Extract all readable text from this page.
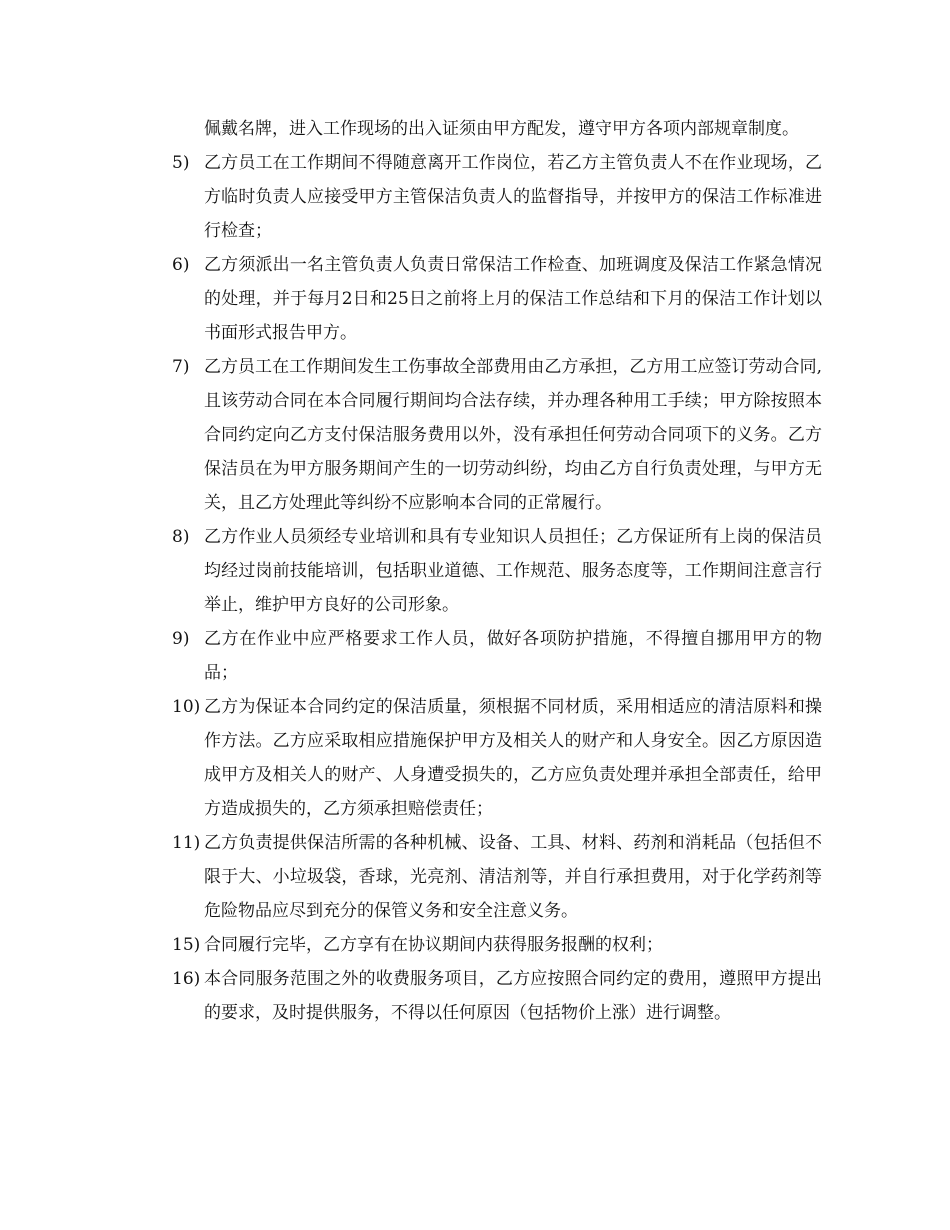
佩戴名牌，进入工作现场的出入证须由甲方配发，遵守甲方各项内部规章制度。
5) 乙方员工在工作期间不得随意离开工作岗位，若乙方主管负责人不在作业现场，乙方临时负责人应接受甲方主管保洁负责人的监督指导，并按甲方的保洁工作标准进行检查；
6) 乙方须派出一名主管负责人负责日常保洁工作检查、加班调度及保洁工作紧急情况的处理，并于每月2日和25日之前将上月的保洁工作总结和下月的保洁工作计划以书面形式报告甲方。
7) 乙方员工在工作期间发生工伤事故全部费用由乙方承担，乙方用工应签订劳动合同,且该劳动合同在本合同履行期间均合法存续，并办理各种用工手续；甲方除按照本合同约定向乙方支付保洁服务费用以外，没有承担任何劳动合同项下的义务。乙方保洁员在为甲方服务期间产生的一切劳动纠纷，均由乙方自行负责处理，与甲方无关，且乙方处理此等纠纷不应影响本合同的正常履行。
8) 乙方作业人员须经专业培训和具有专业知识人员担任；乙方保证所有上岗的保洁员均经过岗前技能培训，包括职业道德、工作规范、服务态度等，工作期间注意言行举止，维护甲方良好的公司形象。
9) 乙方在作业中应严格要求工作人员，做好各项防护措施，不得擅自挪用甲方的物品；
10) 乙方为保证本合同约定的保洁质量，须根据不同材质，采用相适应的清洁原料和操作方法。乙方应采取相应措施保护甲方及相关人的财产和人身安全。因乙方原因造成甲方及相关人的财产、人身遭受损失的，乙方应负责处理并承担全部责任，给甲方造成损失的，乙方须承担赔偿责任；
11) 乙方负责提供保洁所需的各种机械、设备、工具、材料、药剂和消耗品（包括但不限于大、小垃圾袋，香球，光亮剂、清洁剂等，并自行承担费用，对于化学药剂等危险物品应尽到充分的保管义务和安全注意义务。
15) 合同履行完毕，乙方享有在协议期间内获得服务报酬的权利；
16) 本合同服务范围之外的收费服务项目，乙方应按照合同约定的费用，遵照甲方提出的要求，及时提供服务，不得以任何原因（包括物价上涨）进行调整。
